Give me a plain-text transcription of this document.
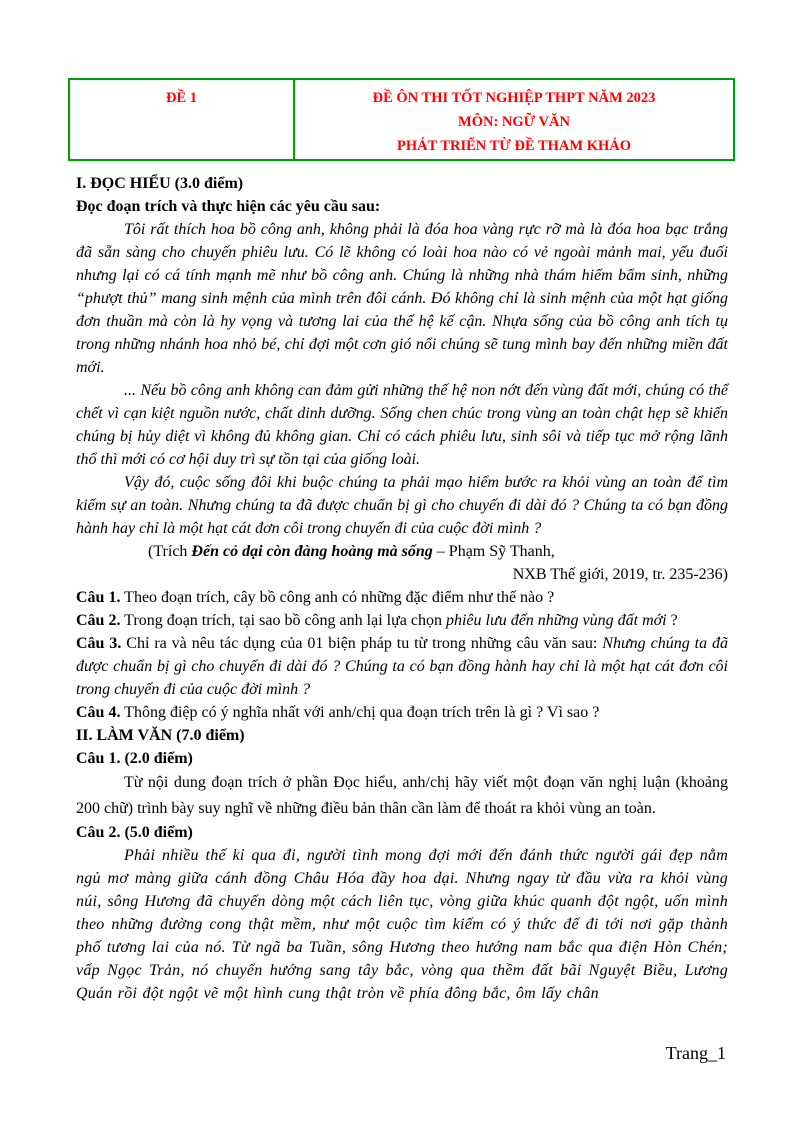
ĐỀ 1	ĐỀ ÔN THI TỐT NGHIỆP THPT NĂM 2023
MÔN: NGỮ VĂN
PHÁT TRIỂN TỪ ĐỀ THAM KHẢO

I. ĐỌC HIỂU (3.0 điểm)

Đọc đoạn trích và thực hiện các yêu cầu sau:

Tôi rất thích hoa bồ công anh, không phải là đóa hoa vàng rực rỡ mà là đóa hoa bạc trắng đã sẵn sàng cho chuyến phiêu lưu. Có lẽ không có loài hoa nào có vẻ ngoài mảnh mai, yếu đuối nhưng lại có cá tính mạnh mẽ như bồ công anh. Chúng là những nhà thám hiểm bẩm sinh, những “phượt thủ” mang sinh mệnh của mình trên đôi cánh. Đó không chỉ là sinh mệnh của một hạt giống đơn thuần mà còn là hy vọng và tương lai của thế hệ kế cận. Nhựa sống của bồ công anh tích tụ trong những nhánh hoa nhỏ bé, chỉ đợi một cơn gió nổi chúng sẽ tung mình bay đến những miền đất mới.

... Nếu bồ công anh không can đảm gửi những thế hệ non nớt đến vùng đất mới, chúng có thể chết vì cạn kiệt nguồn nước, chất dinh dưỡng. Sống chen chúc trong vùng an toàn chật hẹp sẽ khiến chúng bị hủy diệt vì không đủ không gian. Chỉ có cách phiêu lưu, sinh sôi và tiếp tục mở rộng lãnh thổ thì mới có cơ hội duy trì sự tồn tại của giống loài.

Vậy đó, cuộc sống đôi khi buộc chúng ta phải mạo hiểm bước ra khỏi vùng an toàn để tìm kiếm sự an toàn. Nhưng chúng ta đã được chuẩn bị gì cho chuyến đi dài đó ? Chúng ta có bạn đồng hành hay chỉ là một hạt cát đơn côi trong chuyến đi của cuộc đời mình ?

(Trích Đến cỏ dại còn đàng hoàng mà sống – Phạm Sỹ Thanh,

NXB Thế giới, 2019, tr. 235-236)

Câu 1. Theo đoạn trích, cây bồ công anh có những đặc điểm như thế nào ?

Câu 2. Trong đoạn trích, tại sao bồ công anh lại lựa chọn phiêu lưu đến những vùng đất mới ?

Câu 3. Chỉ ra và nêu tác dụng của 01 biện pháp tu từ trong những câu văn sau: Nhưng chúng ta đã được chuẩn bị gì cho chuyến đi dài đó ? Chúng ta có bạn đồng hành hay chỉ là một hạt cát đơn côi trong chuyến đi của cuộc đời mình ?

Câu 4. Thông điệp có ý nghĩa nhất với anh/chị qua đoạn trích trên là gì ? Vì sao ?

II. LÀM VĂN (7.0 điểm)

Câu 1. (2.0 điểm)

Từ nội dung đoạn trích ở phần Đọc hiểu, anh/chị hãy viết một đoạn văn nghị luận (khoảng 200 chữ) trình bày suy nghĩ về những điều bản thân cần làm để thoát ra khỏi vùng an toàn.

Câu 2. (5.0 điểm)

Phải nhiều thế kỉ qua đi, người tình mong đợi mới đến đánh thức người gái đẹp nằm ngủ mơ màng giữa cánh đồng Châu Hóa đầy hoa dại. Nhưng ngay từ đầu vừa ra khỏi vùng núi, sông Hương đã chuyển dòng một cách liên tục, vòng giữa khúc quanh đột ngột, uốn mình theo những đường cong thật mềm, như một cuộc tìm kiếm có ý thức để đi tới nơi gặp thành phố tương lai của nó. Từ ngã ba Tuần, sông Hương theo hướng nam bắc qua điện Hòn Chén; vấp Ngọc Trản, nó chuyển hướng sang tây bắc, vòng qua thềm đất bãi Nguyệt Biều, Lương Quán rồi đột ngột vẽ một hình cung thật tròn về phía đông bắc, ôm lấy chân

Trang_1
